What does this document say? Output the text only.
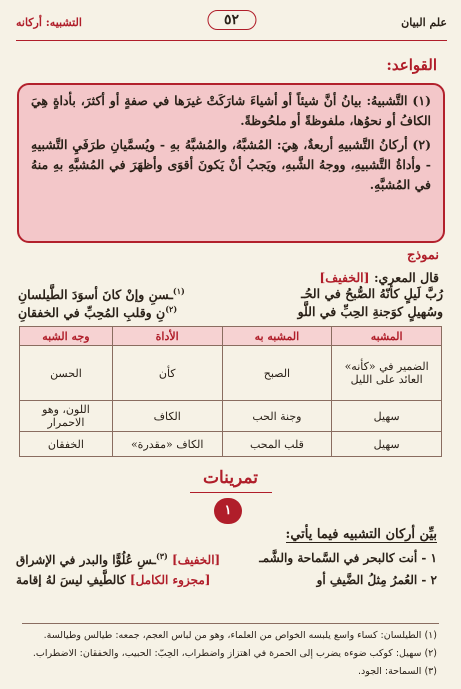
علم البيان
٥٢
التشبيه: أركانه
القواعد:

(١) التَّشبيهُ: بيانُ أنَّ شيئاً أو أشياءَ شارَكَتْ غيرَها في صفةٍ أو أكثرَ، بأداةٍ هِيَ الكافُ أو نحوُها، ملفوظةً أو ملحُوظةً.

(٢) أركانُ التَّشبيهِ أربعةٌ، هِيَ: المُشبَّهُ، والمُشبَّهُ بهِ - ويُسمَّيانِ طرَفَيِ التَّشبيهِ - وأداةُ التَّشبيهِ، ووجهُ الشَّبهِ، ويَجبُ أنْ يَكونَ أقوَى وأظهَرَ في المُشبَّهِ بهِ منهُ في المُشبَّهِ.

نموذج
قال المعري: [الخفيف]
رُبَّ لَيلٍ كأنّهُ الصُّبحُ في الحُـ
$^{(١)}$ـسنِ وإنْ كانَ أسوَدَ الطَّيلسانِ
المشبه	المشبه به	الأداة	وجه الشبه
الضمير في «كأنه» العائد على الليل	الصبح	كأن	الحسن
سهيل	وجنة الحب	الكاف	اللون، وهو الاحمرار
سهيل	قلب المحب	الكاف «مقدرة»	الخفقان
تمرينات
١
بيِّن أركان التشبيه فيما يأتي:
١ - أنت كالبحر في السَّماحة والشَّمـ
[الخفيف] $^{(٣)}$ـسِ عُلُوًّا والبدر في الإشراق
٢ - العُمرُ مِثلُ الضَّيفِ أو
[مجزوء الكامل] كالطَّيفِ ليسَ لهُ إقامة
(١) الطيلسان: كساء واسع يلبسه الخواص من العلماء، وهو من لباس العجم، جمعه: طيالس وطيالسة.
(٢) سهيل: كوكب ضوءه يضرب إلى الحمرة في اهتزاز واضطراب، الحِبّ: الحبيب، والخفقان: الاضطراب.
(٣) السماحة: الجود.
وسُهيلٍ كوَجنةِ الحِبِّ في اللَّو
$^{(٢)}$نِ وقلبِ المُحِبِّ في الخفقانِ
